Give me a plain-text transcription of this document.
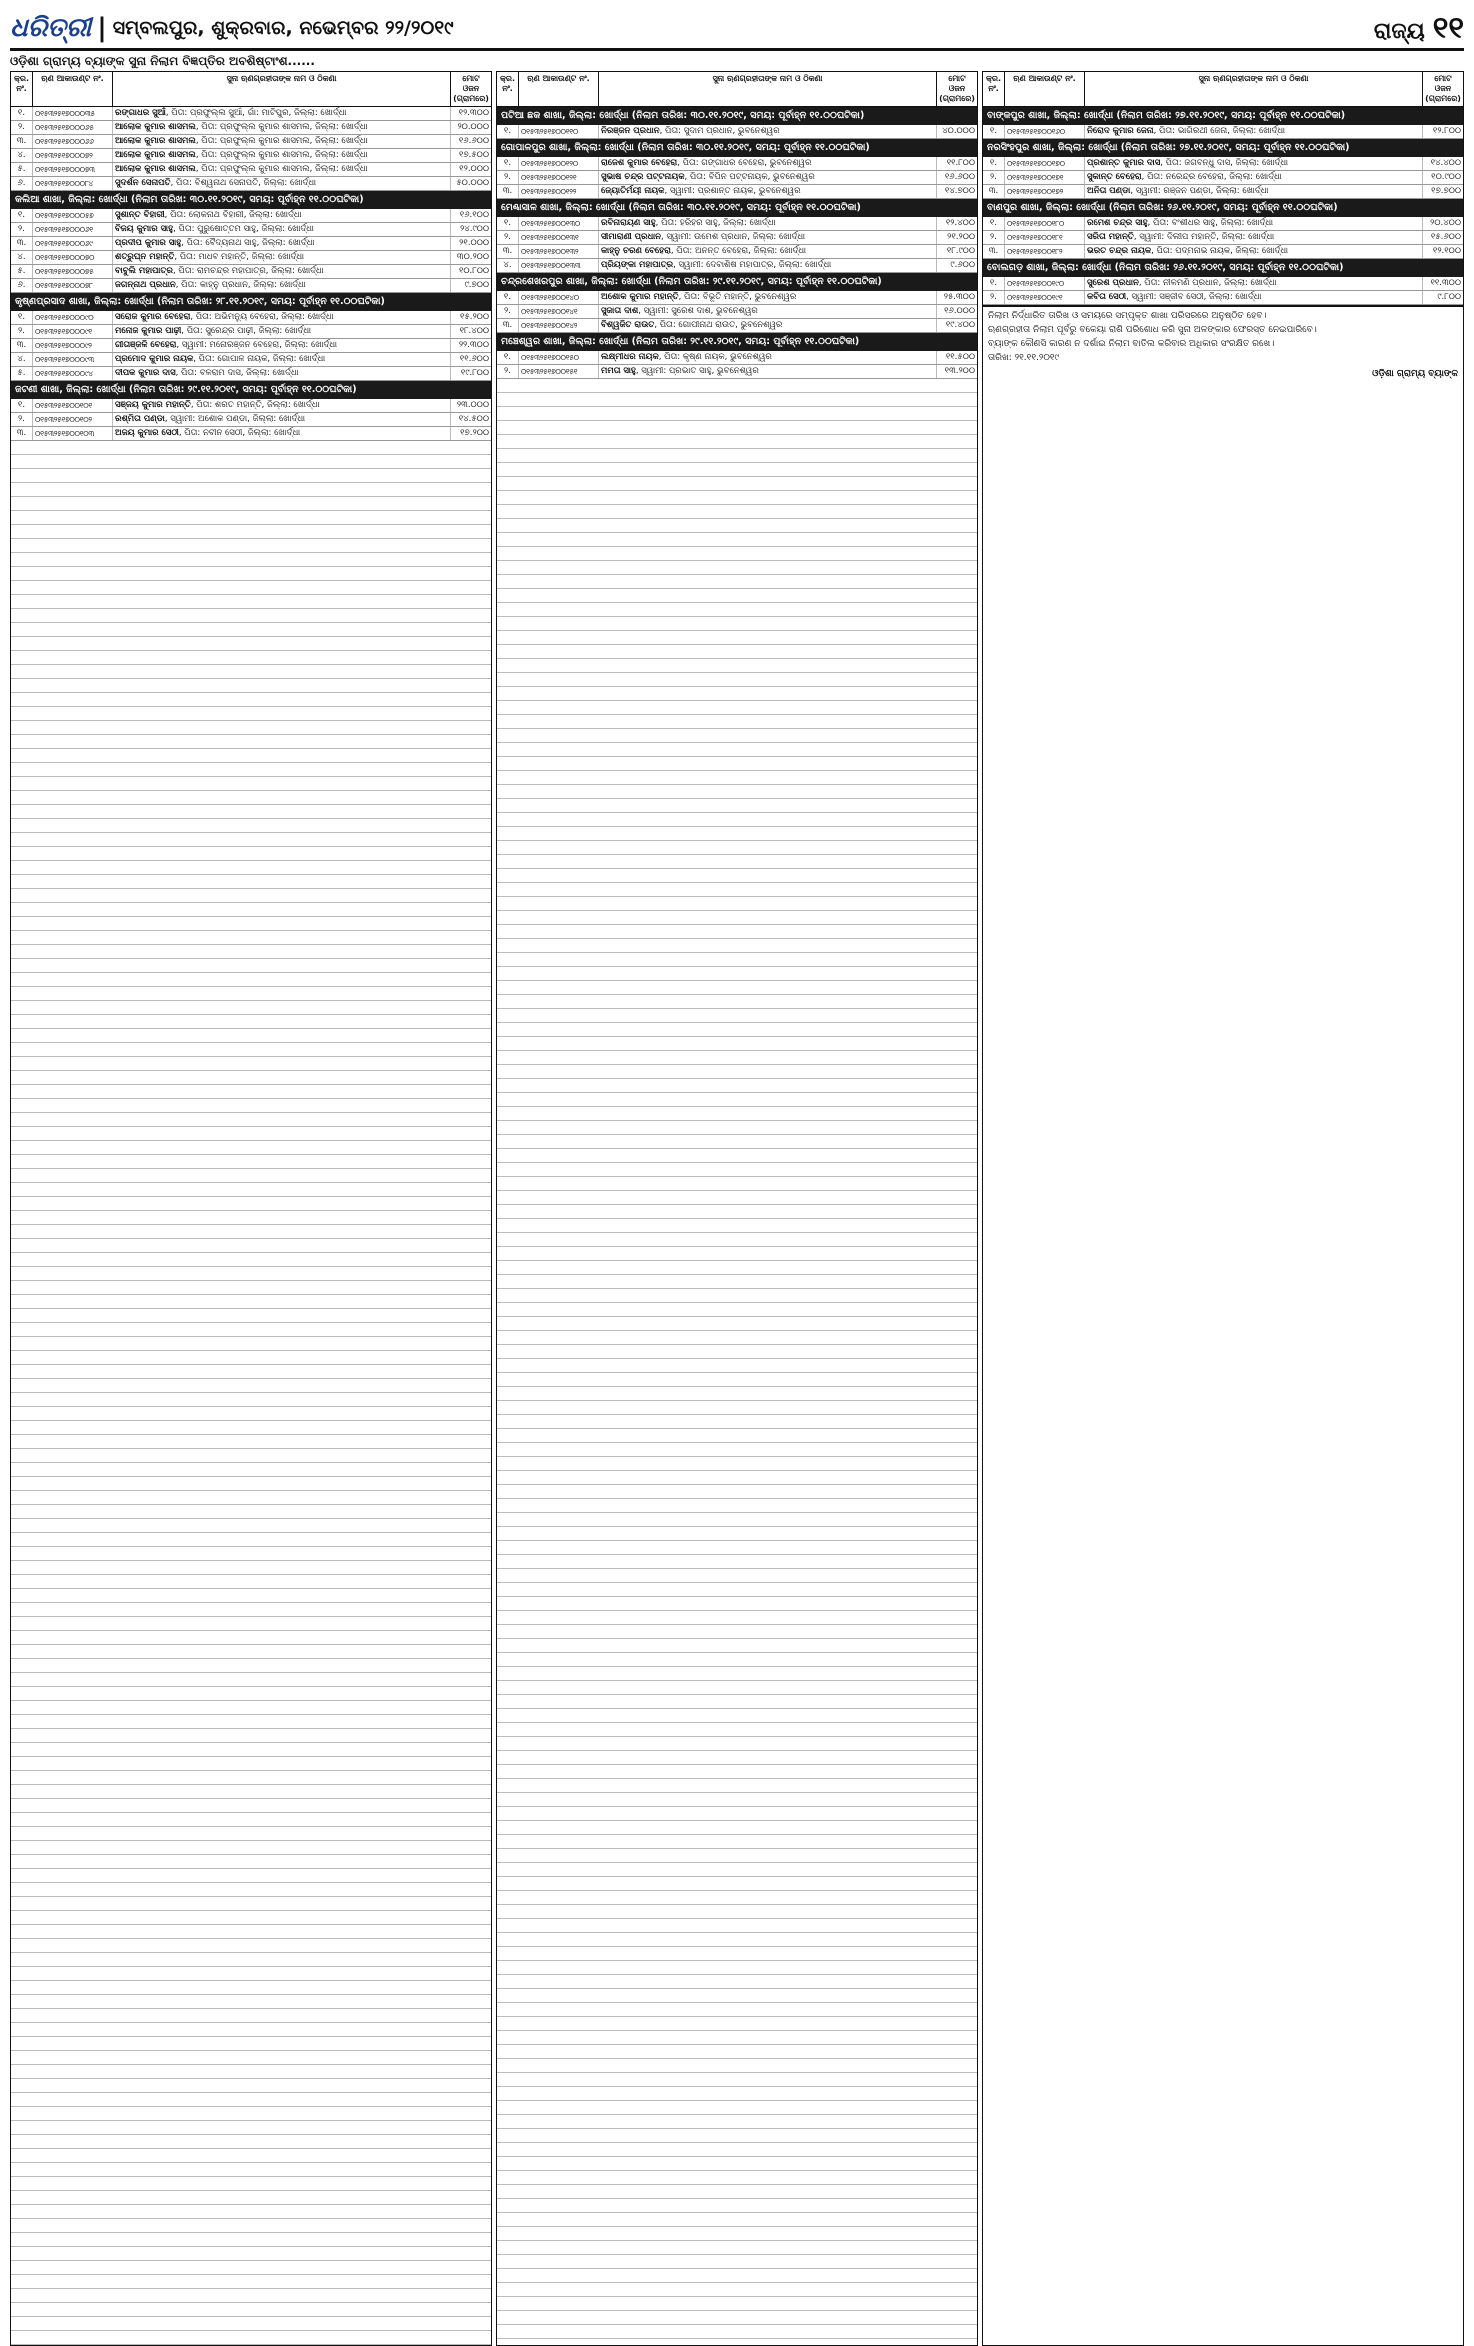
ଧରିତ୍ରୀ | ସମ୍ବଲପୁର, ଶୁକ୍ରବାର, ନଭେମ୍ବର ୨୨/୨୦୧୯	ରାଜ୍ୟ ୧୧
ଓଡ଼ିଶା ଗ୍ରାମ୍ୟ ବ୍ୟାଙ୍କ ସୁନା ନିଲାମ ବିଜ୍ଞପ୍ତିର ଅବଶିଷ୍ଟାଂଶ......
କ୍ର. ନଂ.
ଋଣ ଆକାଉଣ୍ଟ ନଂ.	ସୁନା ଋଣଗ୍ରହୀତାଙ୍କ ନାମ ଓ ଠିକଣା	ମୋଟ ଓଜନ (ଗ୍ରାମରେ)
୧.	୦୧୫୩୨୫୧୭୦୦୦୩୫	ରଙ୍ଗାଧର ସୁଆଁ, ପିତା: ପ୍ରଫୁଲ୍ଲ ସୁଆଁ, ଗାଁ: ମାଟିପୁର, ଜିଲ୍ଲା: ଖୋର୍ଦ୍ଧା	୧୨.୩୦୦
୨.	୦୧୫୩୨୫୧୭୦୦୦୬୫	ଆଲୋକ କୁମାର ଶାସମଲ, ପିତା: ପ୍ରଫୁଲ୍ଲ କୁମାର ଶାସମଲ, ଜିଲ୍ଲା: ଖୋର୍ଦ୍ଧା	୨୦.୦୦୦
୩.	୦୧୫୩୨୫୧୭୦୦୦୬୬	ଆଲୋକ କୁମାର ଶାସମଲ, ପିତା: ପ୍ରଫୁଲ୍ଲ କୁମାର ଶାସମଲ, ଜିଲ୍ଲା: ଖୋର୍ଦ୍ଧା	୧୬.୬୦୦
୪.	୦୧୫୩୨୫୧୭୦୦୦୭୨	ଆଲୋକ କୁମାର ଶାସମଲ, ପିତା: ପ୍ରଫୁଲ୍ଲ କୁମାର ଶାସମଲ, ଜିଲ୍ଲା: ଖୋର୍ଦ୍ଧା	୧୭.୫୦୦
୫.	୦୧୫୩୨୫୧୭୦୦୦୭୩	ଆଲୋକ କୁମାର ଶାସମଲ, ପିତା: ପ୍ରଫୁଲ୍ଲ କୁମାର ଶାସମଲ, ଜିଲ୍ଲା: ଖୋର୍ଦ୍ଧା	୧୨.୦୦୦
୬.	୦୧୫୩୨୫୧୭୦୦୦୮୪	ସୁଦର୍ଶନ ସେନାପତି, ପିତା: ବିଶ୍ୱନାଥ ସେନାପତି, ଜିଲ୍ଲା: ଖୋର୍ଦ୍ଧା	୫୦.୦୦୦
କଲିଆ ଶାଖା, ଜିଲ୍ଲା: ଖୋର୍ଦ୍ଧା (ନିଲାମ ତାରିଖ: ୩୦.୧୧.୨୦୧୯, ସମୟ: ପୂର୍ବାହ୍ନ ୧୧.୦୦ଘଟିକା)
୧.	୦୧୫୩୨୫୧୭୦୦୦୫୭	ସୁଶାନ୍ତ ବିହାରୀ, ପିତା: ଲୋକନାଥ ବିହାରୀ, ଜିଲ୍ଲା: ଖୋର୍ଦ୍ଧା	୧୬.୧୦୦
୨.	୦୧୫୩୨୫୧୭୦୦୦୬୧	ବିଜୟ କୁମାର ସାହୁ, ପିତା: ପୁରୁଷୋତ୍ତମ ସାହୁ, ଜିଲ୍ଲା: ଖୋର୍ଦ୍ଧା	୨୪.୯୦୦
୩.	୦୧୫୩୨୫୧୭୦୦୦୬୯	ପ୍ରଦୀପ କୁମାର ସାହୁ, ପିତା: ବୈଦ୍ୟନାଥ ସାହୁ, ଜିଲ୍ଲା: ଖୋର୍ଦ୍ଧା	୨୧.୦୦୦
୪.	୦୧୫୩୨୫୧୭୦୦୦୭୦	ଶତ୍ରୁଘ୍ନ ମହାନ୍ତି, ପିତା: ମାଧବ ମହାନ୍ତି, ଜିଲ୍ଲା: ଖୋର୍ଦ୍ଧା	୩୦.୨୦୦
୫.	୦୧୫୩୨୫୧୭୦୦୦୭୫	ବାବୁଲି ମହାପାତ୍ର, ପିତା: ରାମଚନ୍ଦ୍ର ମହାପାତ୍ର, ଜିଲ୍ଲା: ଖୋର୍ଦ୍ଧା	୧୦.୮୦୦
୬.	୦୧୫୩୨୫୧୭୦୦୦୭୮	ଜଗନ୍ନାଥ ପ୍ରଧାନ, ପିତା: କାହ୍ନୁ ପ୍ରଧାନ, ଜିଲ୍ଲା: ଖୋର୍ଦ୍ଧା	୯.୭୦୦
କୃଷ୍ଣପ୍ରସାଦ ଶାଖା, ଜିଲ୍ଲା: ଖୋର୍ଦ୍ଧା (ନିଲାମ ତାରିଖ: ୨୮.୧୧.୨୦୧୯, ସମୟ: ପୂର୍ବାହ୍ନ ୧୧.୦୦ଘଟିକା)
୧.	୦୧୫୩୨୫୧୭୦୦୦୯୦	ସରୋଜ କୁମାର ବେହେରା, ପିତା: ଅଭିମନ୍ୟୁ ବେହେରା, ଜିଲ୍ଲା: ଖୋର୍ଦ୍ଧା	୧୫.୨୦୦
୨.	୦୧୫୩୨୫୧୭୦୦୦୯୧	ମନୋଜ କୁମାର ପାଢ଼ୀ, ପିତା: ସୁରେନ୍ଦ୍ର ପାଢ଼ୀ, ଜିଲ୍ଲା: ଖୋର୍ଦ୍ଧା	୧୮.୪୦୦
୩.	୦୧୫୩୨୫୧୭୦୦୦୯୨	ଗୀତାଞ୍ଜଳି ବେହେରା, ସ୍ୱାମୀ: ମନୋରଞ୍ଜନ ବେହେରା, ଜିଲ୍ଲା: ଖୋର୍ଦ୍ଧା	୨୨.୩୦୦
୪.	୦୧୫୩୨୫୧୭୦୦୦୯୩	ପ୍ରମୋଦ କୁମାର ନାୟକ, ପିତା: ଗୋପାଳ ନାୟକ, ଜିଲ୍ଲା: ଖୋର୍ଦ୍ଧା	୧୧.୬୦୦
୫.	୦୧୫୩୨୫୧୭୦୦୦୯୪	ଦୀପକ କୁମାର ଦାସ, ପିତା: ବଳରାମ ଦାସ, ଜିଲ୍ଲା: ଖୋର୍ଦ୍ଧା	୧୯.୮୦୦
ଜଟଣୀ ଶାଖା, ଜିଲ୍ଲା: ଖୋର୍ଦ୍ଧା (ନିଲାମ ତାରିଖ: ୨୯.୧୧.୨୦୧୯, ସମୟ: ପୂର୍ବାହ୍ନ ୧୧.୦୦ଘଟିକା)
୧.	୦୧୫୩୨୫୧୭୦୦୧୦୧	ସଞ୍ଜୟ କୁମାର ମହାନ୍ତି, ପିତା: ଶରତ ମହାନ୍ତି, ଜିଲ୍ଲା: ଖୋର୍ଦ୍ଧା	୨୩.୦୦୦
୨.	୦୧୫୩୨୫୧୭୦୦୧୦୨	ରଶ୍ମିତା ପଣ୍ଡା, ସ୍ୱାମୀ: ଅଶୋକ ପଣ୍ଡା, ଜିଲ୍ଲା: ଖୋର୍ଦ୍ଧା	୧୪.୫୦୦
୩.	୦୧୫୩୨୫୧୭୦୦୧୦୩	ଅଜୟ କୁମାର ସେଠୀ, ପିତା: ନବୀନ ସେଠୀ, ଜିଲ୍ଲା: ଖୋର୍ଦ୍ଧା	୧୭.୨୦୦
କ୍ର. ନଂ.
ଋଣ ଆକାଉଣ୍ଟ ନଂ.	ସୁନା ଋଣଗ୍ରହୀତାଙ୍କ ନାମ ଓ ଠିକଣା	ମୋଟ ଓଜନ (ଗ୍ରାମରେ)
ପଟିଆ ଛକ ଶାଖା, ଜିଲ୍ଲା: ଖୋର୍ଦ୍ଧା (ନିଲାମ ତାରିଖ: ୩୦.୧୧.୨୦୧୯, ସମୟ: ପୂର୍ବାହ୍ନ ୧୧.୦୦ଘଟିକା)
୧.	୦୧୫୩୨୫୧୭୦୦୧୧୦	ନିରଞ୍ଜନ ପ୍ରଧାନ, ପିତା: ସୁଦାମ ପ୍ରଧାନ, ଭୁବନେଶ୍ୱର	୪୦.୦୦୦
ଗୋପାଳପୁର ଶାଖା, ଜିଲ୍ଲା: ଖୋର୍ଦ୍ଧା (ନିଲାମ ତାରିଖ: ୩୦.୧୧.୨୦୧୯, ସମୟ: ପୂର୍ବାହ୍ନ ୧୧.୦୦ଘଟିକା)
୧.	୦୧୫୩୨୫୧୭୦୦୧୨୦	ରାଜେଶ କୁମାର ବେହେରା, ପିତା: ଗଙ୍ଗାଧର ବେହେରା, ଭୁବନେଶ୍ୱର	୧୧.୮୦୦
୨.	୦୧୫୩୨୫୧୭୦୦୧୨୧	ସୁଭାଷ ଚନ୍ଦ୍ର ପଟ୍ଟନାୟକ, ପିତା: ବିପିନ ପଟ୍ଟନାୟକ, ଭୁବନେଶ୍ୱର	୧୬.୬୦୦
୩.	୦୧୫୩୨୫୧୭୦୦୧୨୨	ଜ୍ୟୋତିର୍ମୟୀ ନାୟକ, ସ୍ୱାମୀ: ପ୍ରଶାନ୍ତ ନାୟକ, ଭୁବନେଶ୍ୱର	୧୪.୭୦୦
ମେଣ୍ଢାସାଳ ଶାଖା, ଜିଲ୍ଲା: ଖୋର୍ଦ୍ଧା (ନିଲାମ ତାରିଖ: ୩୦.୧୧.୨୦୧୯, ସମୟ: ପୂର୍ବାହ୍ନ ୧୧.୦୦ଘଟିକା)
୧.	୦୧୫୩୨୫୧୭୦୦୧୩୦	ରବିନାରାୟଣ ସାହୁ, ପିତା: ହରିହର ସାହୁ, ଜିଲ୍ଲା: ଖୋର୍ଦ୍ଧା	୧୨.୪୦୦
୨.	୦୧୫୩୨୫୧୭୦୦୧୩୧	ସୀମାରାଣୀ ପ୍ରଧାନ, ସ୍ୱାମୀ: ଉମେଶ ପ୍ରଧାନ, ଜିଲ୍ଲା: ଖୋର୍ଦ୍ଧା	୨୧.୨୦୦
୩.	୦୧୫୩୨୫୧୭୦୦୧୩୨	କାହ୍ନୁ ଚରଣ ବେହେରା, ପିତା: ଅନନ୍ତ ବେହେରା, ଜିଲ୍ଲା: ଖୋର୍ଦ୍ଧା	୧୮.୯୦୦
୪.	୦୧୫୩୨୫୧୭୦୦୧୩୩	ପ୍ରିୟଙ୍କା ମହାପାତ୍ର, ସ୍ୱାମୀ: ଦେବାଶିଷ ମହାପାତ୍ର, ଜିଲ୍ଲା: ଖୋର୍ଦ୍ଧା	୯.୬୦୦
ଚନ୍ଦ୍ରଶେଖରପୁର ଶାଖା, ଜିଲ୍ଲା: ଖୋର୍ଦ୍ଧା (ନିଲାମ ତାରିଖ: ୨୯.୧୧.୨୦୧୯, ସମୟ: ପୂର୍ବାହ୍ନ ୧୧.୦୦ଘଟିକା)
୧.	୦୧୫୩୨୫୧୭୦୦୧୪୦	ଅଶୋକ କୁମାର ମହାନ୍ତି, ପିତା: ବିଭୂତି ମହାନ୍ତି, ଭୁବନେଶ୍ୱର	୨୫.୩୦୦
୨.	୦୧୫୩୨୫୧୭୦୦୧୪୧	ସୁଜାତା ଦାଶ, ସ୍ୱାମୀ: ସୁରେଶ ଦାଶ, ଭୁବନେଶ୍ୱର	୧୬.୦୦୦
୩.	୦୧୫୩୨୫୧୭୦୦୧୪୨	ବିଶ୍ୱଜିତ ରାଉତ, ପିତା: ଗୋପୀନାଥ ରାଉତ, ଭୁବନେଶ୍ୱର	୧୯.୪୦୦
ମଞ୍ଚେଶ୍ୱର ଶାଖା, ଜିଲ୍ଲା: ଖୋର୍ଦ୍ଧା (ନିଲାମ ତାରିଖ: ୨୯.୧୧.୨୦୧୯, ସମୟ: ପୂର୍ବାହ୍ନ ୧୧.୦୦ଘଟିକା)
୧.	୦୧୫୩୨୫୧୭୦୦୧୫୦	ଲକ୍ଷ୍ମୀଧର ନାୟକ, ପିତା: କୃଷ୍ଣ ନାୟକ, ଭୁବନେଶ୍ୱର	୧୧.୫୦୦
୨.	୦୧୫୩୨୫୧୭୦୦୧୫୧	ମମତା ସାହୁ, ସ୍ୱାମୀ: ପ୍ରଭାତ ସାହୁ, ଭୁବନେଶ୍ୱର	୧୩.୨୦୦
କ୍ର. ନଂ.
ଋଣ ଆକାଉଣ୍ଟ ନଂ.	ସୁନା ଋଣଗ୍ରହୀତାଙ୍କ ନାମ ଓ ଠିକଣା	ମୋଟ ଓଜନ (ଗ୍ରାମରେ)
ବାଙ୍କପୁର ଶାଖା, ଜିଲ୍ଲା: ଖୋର୍ଦ୍ଧା (ନିଲାମ ତାରିଖ: ୨୭.୧୧.୨୦୧୯, ସମୟ: ପୂର୍ବାହ୍ନ ୧୧.୦୦ଘଟିକା)
୧.	୦୧୫୩୨୫୧୭୦୦୧୬୦	ନିରୋଦ କୁମାର ଜେନା, ପିତା: ଭାଗିରଥୀ ଜେନା, ଜିଲ୍ଲା: ଖୋର୍ଦ୍ଧା	୧୨.୮୦୦
ନରସିଂହପୁର ଶାଖା, ଜିଲ୍ଲା: ଖୋର୍ଦ୍ଧା (ନିଲାମ ତାରିଖ: ୨୭.୧୧.୨୦୧୯, ସମୟ: ପୂର୍ବାହ୍ନ ୧୧.୦୦ଘଟିକା)
୧.	୦୧୫୩୨୫୧୭୦୦୧୭୦	ପ୍ରଶାନ୍ତ କୁମାର ଦାସ, ପିତା: ଜଗବନ୍ଧୁ ଦାସ, ଜିଲ୍ଲା: ଖୋର୍ଦ୍ଧା	୧୪.୪୦୦
୨.	୦୧୫୩୨୫୧୭୦୦୧୭୧	ସୁକାନ୍ତ ବେହେରା, ପିତା: ନରେନ୍ଦ୍ର ବେହେରା, ଜିଲ୍ଲା: ଖୋର୍ଦ୍ଧା	୧୦.୯୦୦
୩.	୦୧୫୩୨୫୧୭୦୦୧୭୨	ଅନିତା ପଣ୍ଡା, ସ୍ୱାମୀ: ରଞ୍ଜନ ପଣ୍ଡା, ଜିଲ୍ଲା: ଖୋର୍ଦ୍ଧା	୧୭.୭୦୦
ବାଣପୁର ଶାଖା, ଜିଲ୍ଲା: ଖୋର୍ଦ୍ଧା (ନିଲାମ ତାରିଖ: ୨୬.୧୧.୨୦୧୯, ସମୟ: ପୂର୍ବାହ୍ନ ୧୧.୦୦ଘଟିକା)
୧.	୦୧୫୩୨୫୧୭୦୦୧୮୦	ରମେଶ ଚନ୍ଦ୍ର ସାହୁ, ପିତା: ବଂଶୀଧର ସାହୁ, ଜିଲ୍ଲା: ଖୋର୍ଦ୍ଧା	୨୦.୪୦୦
୨.	୦୧୫୩୨୫୧୭୦୦୧୮୧	ସରିତା ମହାନ୍ତି, ସ୍ୱାମୀ: ଦିଲୀପ ମହାନ୍ତି, ଜିଲ୍ଲା: ଖୋର୍ଦ୍ଧା	୧୫.୬୦୦
୩.	୦୧୫୩୨୫୧୭୦୦୧୮୨	ଭରତ ଚନ୍ଦ୍ର ନାୟକ, ପିତା: ପଦ୍ମନାଭ ନାୟକ, ଜିଲ୍ଲା: ଖୋର୍ଦ୍ଧା	୧୨.୧୦୦
ବୋଲଗଡ଼ ଶାଖା, ଜିଲ୍ଲା: ଖୋର୍ଦ୍ଧା (ନିଲାମ ତାରିଖ: ୨୬.୧୧.୨୦୧୯, ସମୟ: ପୂର୍ବାହ୍ନ ୧୧.୦୦ଘଟିକା)
୧.	୦୧୫୩୨୫୧୭୦୦୧୯୦	ସୁରେଶ ପ୍ରଧାନ, ପିତା: ନୀଳମଣି ପ୍ରଧାନ, ଜିଲ୍ଲା: ଖୋର୍ଦ୍ଧା	୧୧.୩୦୦
୨.	୦୧୫୩୨୫୧୭୦୦୧୯୧	କବିତା ସେଠୀ, ସ୍ୱାମୀ: ସଞ୍ଜୀବ ସେଠୀ, ଜିଲ୍ଲା: ଖୋର୍ଦ୍ଧା	୯.୮୦୦

ନିଲାମ ନିର୍ଦ୍ଧାରିତ ତାରିଖ ଓ ସମୟରେ ସମ୍ପୃକ୍ତ ଶାଖା ପରିସରରେ ଅନୁଷ୍ଠିତ ହେବ।

ଋଣଗ୍ରହୀତା ନିଲାମ ପୂର୍ବରୁ ବକେୟା ରାଶି ପରିଶୋଧ କରି ସୁନା ଅଳଙ୍କାର ଫେରସ୍ତ ନେଇପାରିବେ।

ବ୍ୟାଙ୍କ କୌଣସି କାରଣ ନ ଦର୍ଶାଇ ନିଲାମ ବାତିଲ କରିବାର ଅଧିକାର ସଂରକ୍ଷିତ ରଖେ।

ତାରିଖ: ୨୧.୧୧.୨୦୧୯

ଓଡ଼ିଶା ଗ୍ରାମ୍ୟ ବ୍ୟାଙ୍କ
